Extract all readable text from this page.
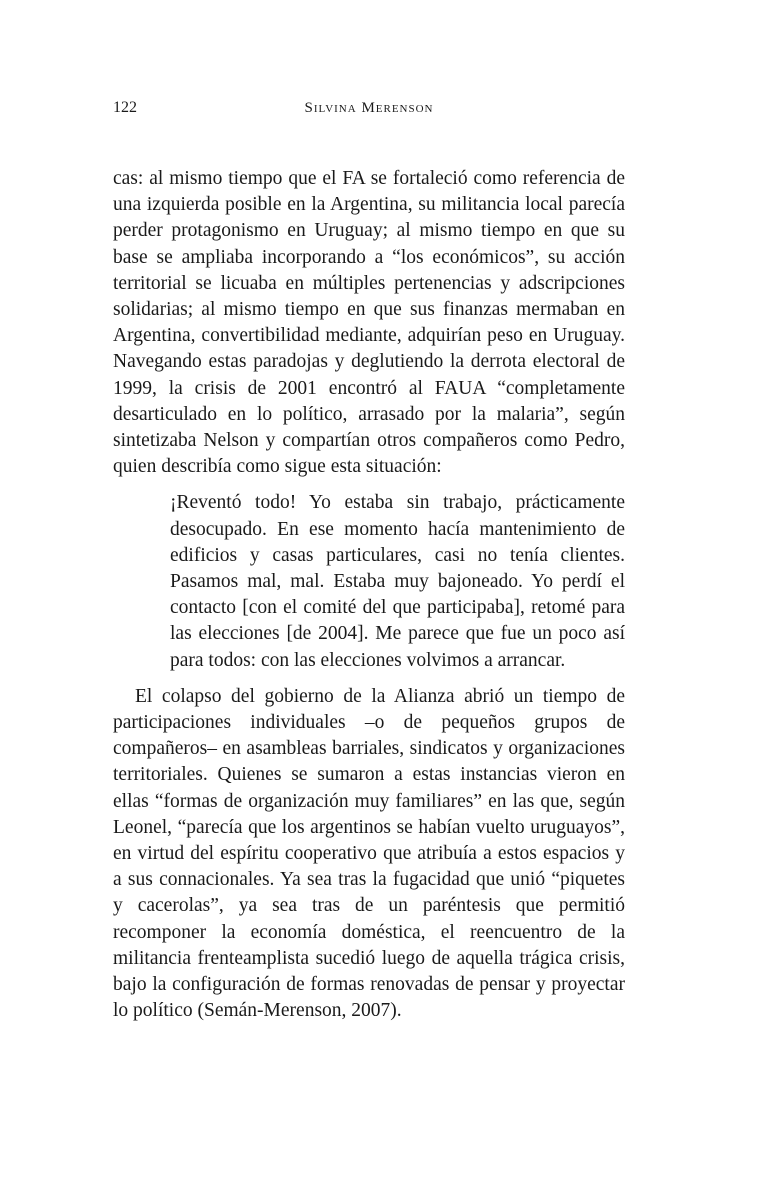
122	Silvina Merenson

cas: al mismo tiempo que el FA se fortaleció como referencia de una izquierda posible en la Argentina, su militancia local parecía perder protagonismo en Uruguay; al mismo tiempo en que su base se ampliaba incorporando a “los económicos”, su acción territorial se licuaba en múltiples pertenencias y adscripciones solidarias; al mismo tiempo en que sus finanzas mermaban en Argentina, convertibilidad mediante, adquirían peso en Uruguay. Navegando estas paradojas y deglutiendo la derrota electoral de 1999, la crisis de 2001 encontró al FAUA “completamente desarticulado en lo político, arrasado por la malaria”, según sintetizaba Nelson y compartían otros compañeros como Pedro, quien describía como sigue esta situación:

¡Reventó todo! Yo estaba sin trabajo, prácticamente desocupado. En ese momento hacía mantenimiento de edificios y casas particulares, casi no tenía clientes. Pasamos mal, mal. Estaba muy bajoneado. Yo perdí el contacto [con el comité del que participaba], retomé para las elecciones [de 2004]. Me parece que fue un poco así para todos: con las elecciones volvimos a arrancar.

El colapso del gobierno de la Alianza abrió un tiempo de participaciones individuales –o de pequeños grupos de compañeros– en asambleas barriales, sindicatos y organizaciones territoriales. Quienes se sumaron a estas instancias vieron en ellas “formas de organización muy familiares” en las que, según Leonel, “parecía que los argentinos se habían vuelto uruguayos”, en virtud del espíritu cooperativo que atribuía a estos espacios y a sus connacionales. Ya sea tras la fugacidad que unió “piquetes y cacerolas”, ya sea tras de un paréntesis que permitió recomponer la economía doméstica, el reencuentro de la militancia frenteamplista sucedió luego de aquella trágica crisis, bajo la configuración de formas renovadas de pensar y proyectar lo político (Semán-Merenson, 2007).
